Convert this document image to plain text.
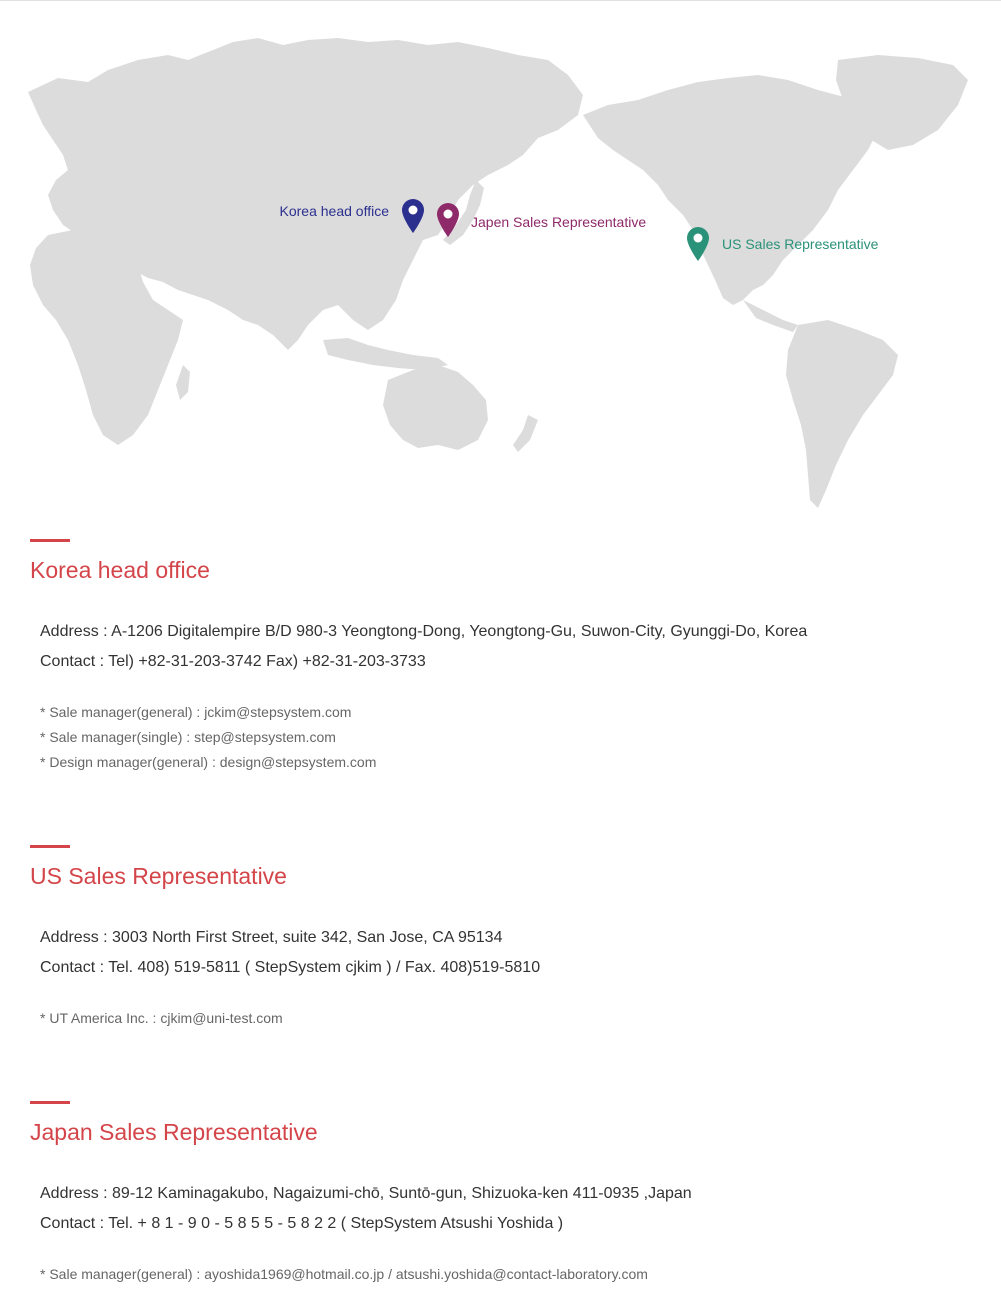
Korea head office
Japen Sales Representative
US Sales Representative
Korea head office
Address : A-1206 Digitalempire B/D 980-3 Yeongtong-Dong, Yeongtong-Gu, Suwon-City, Gyunggi-Do, Korea
Contact : Tel) +82-31-203-3742 Fax) +82-31-203-3733
* Sale manager(general) : jckim@stepsystem.com
* Sale manager(single) : step@stepsystem.com
* Design manager(general) : design@stepsystem.com
US Sales Representative
Address : 3003 North First Street, suite 342, San Jose, CA 95134
Contact : Tel. 408) 519-5811 ( StepSystem cjkim ) / Fax. 408)519-5810
* UT America Inc. : cjkim@uni-test.com
Japan Sales Representative
Address : 89-12 Kaminagakubo, Nagaizumi-chō, Suntō-gun, Shizuoka-ken 411-0935 ,Japan
Contact : Tel. + 8 1 - 9 0 - 5 8 5 5 - 5 8 2 2 ( StepSystem Atsushi Yoshida )
* Sale manager(general) : ayoshida1969@hotmail.co.jp / atsushi.yoshida@contact-laboratory.com
